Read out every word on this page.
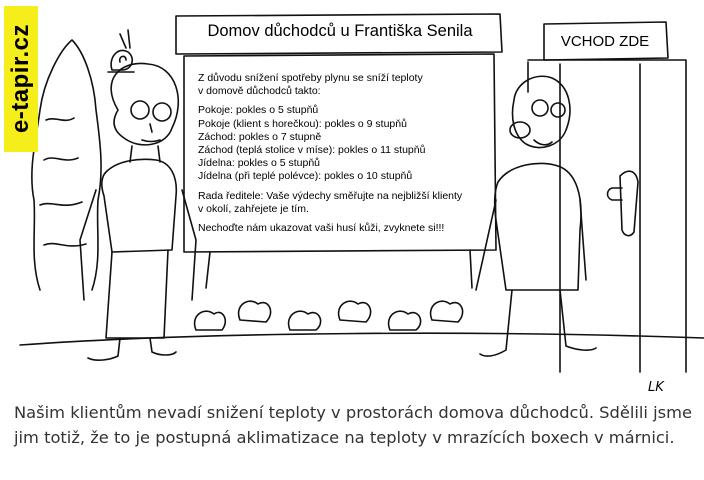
e-tapir.cz	Domov důchodců u Františka Senila
Z důvodu snížení spotřeby plynu se sníží teploty
v domově důchodců takto:
Pokoje: pokles o 5 stupňů
Pokoje (klient s horečkou): pokles o 9 stupňů
Záchod: pokles o 7 stupně
Záchod (teplá stolice v míse): pokles o 11 stupňů
Jídelna: pokles o 5 stupňů
Jídelna (při teplé polévce): pokles o 10 stupňů
Rada ředitele: Vaše výdechy směřujte na nejbližší klienty
v okolí, zahřejete je tím.
Nechoďte nám ukazovat vaši husí kůži, zvyknete si!!!
VCHOD ZDE
LK
Našim klientům nevadí snižení teploty v prostorách domova důchodců. Sdělili jsme jim totiž, že to je postupná aklimatizace na teploty v mrazících boxech v márnici.
